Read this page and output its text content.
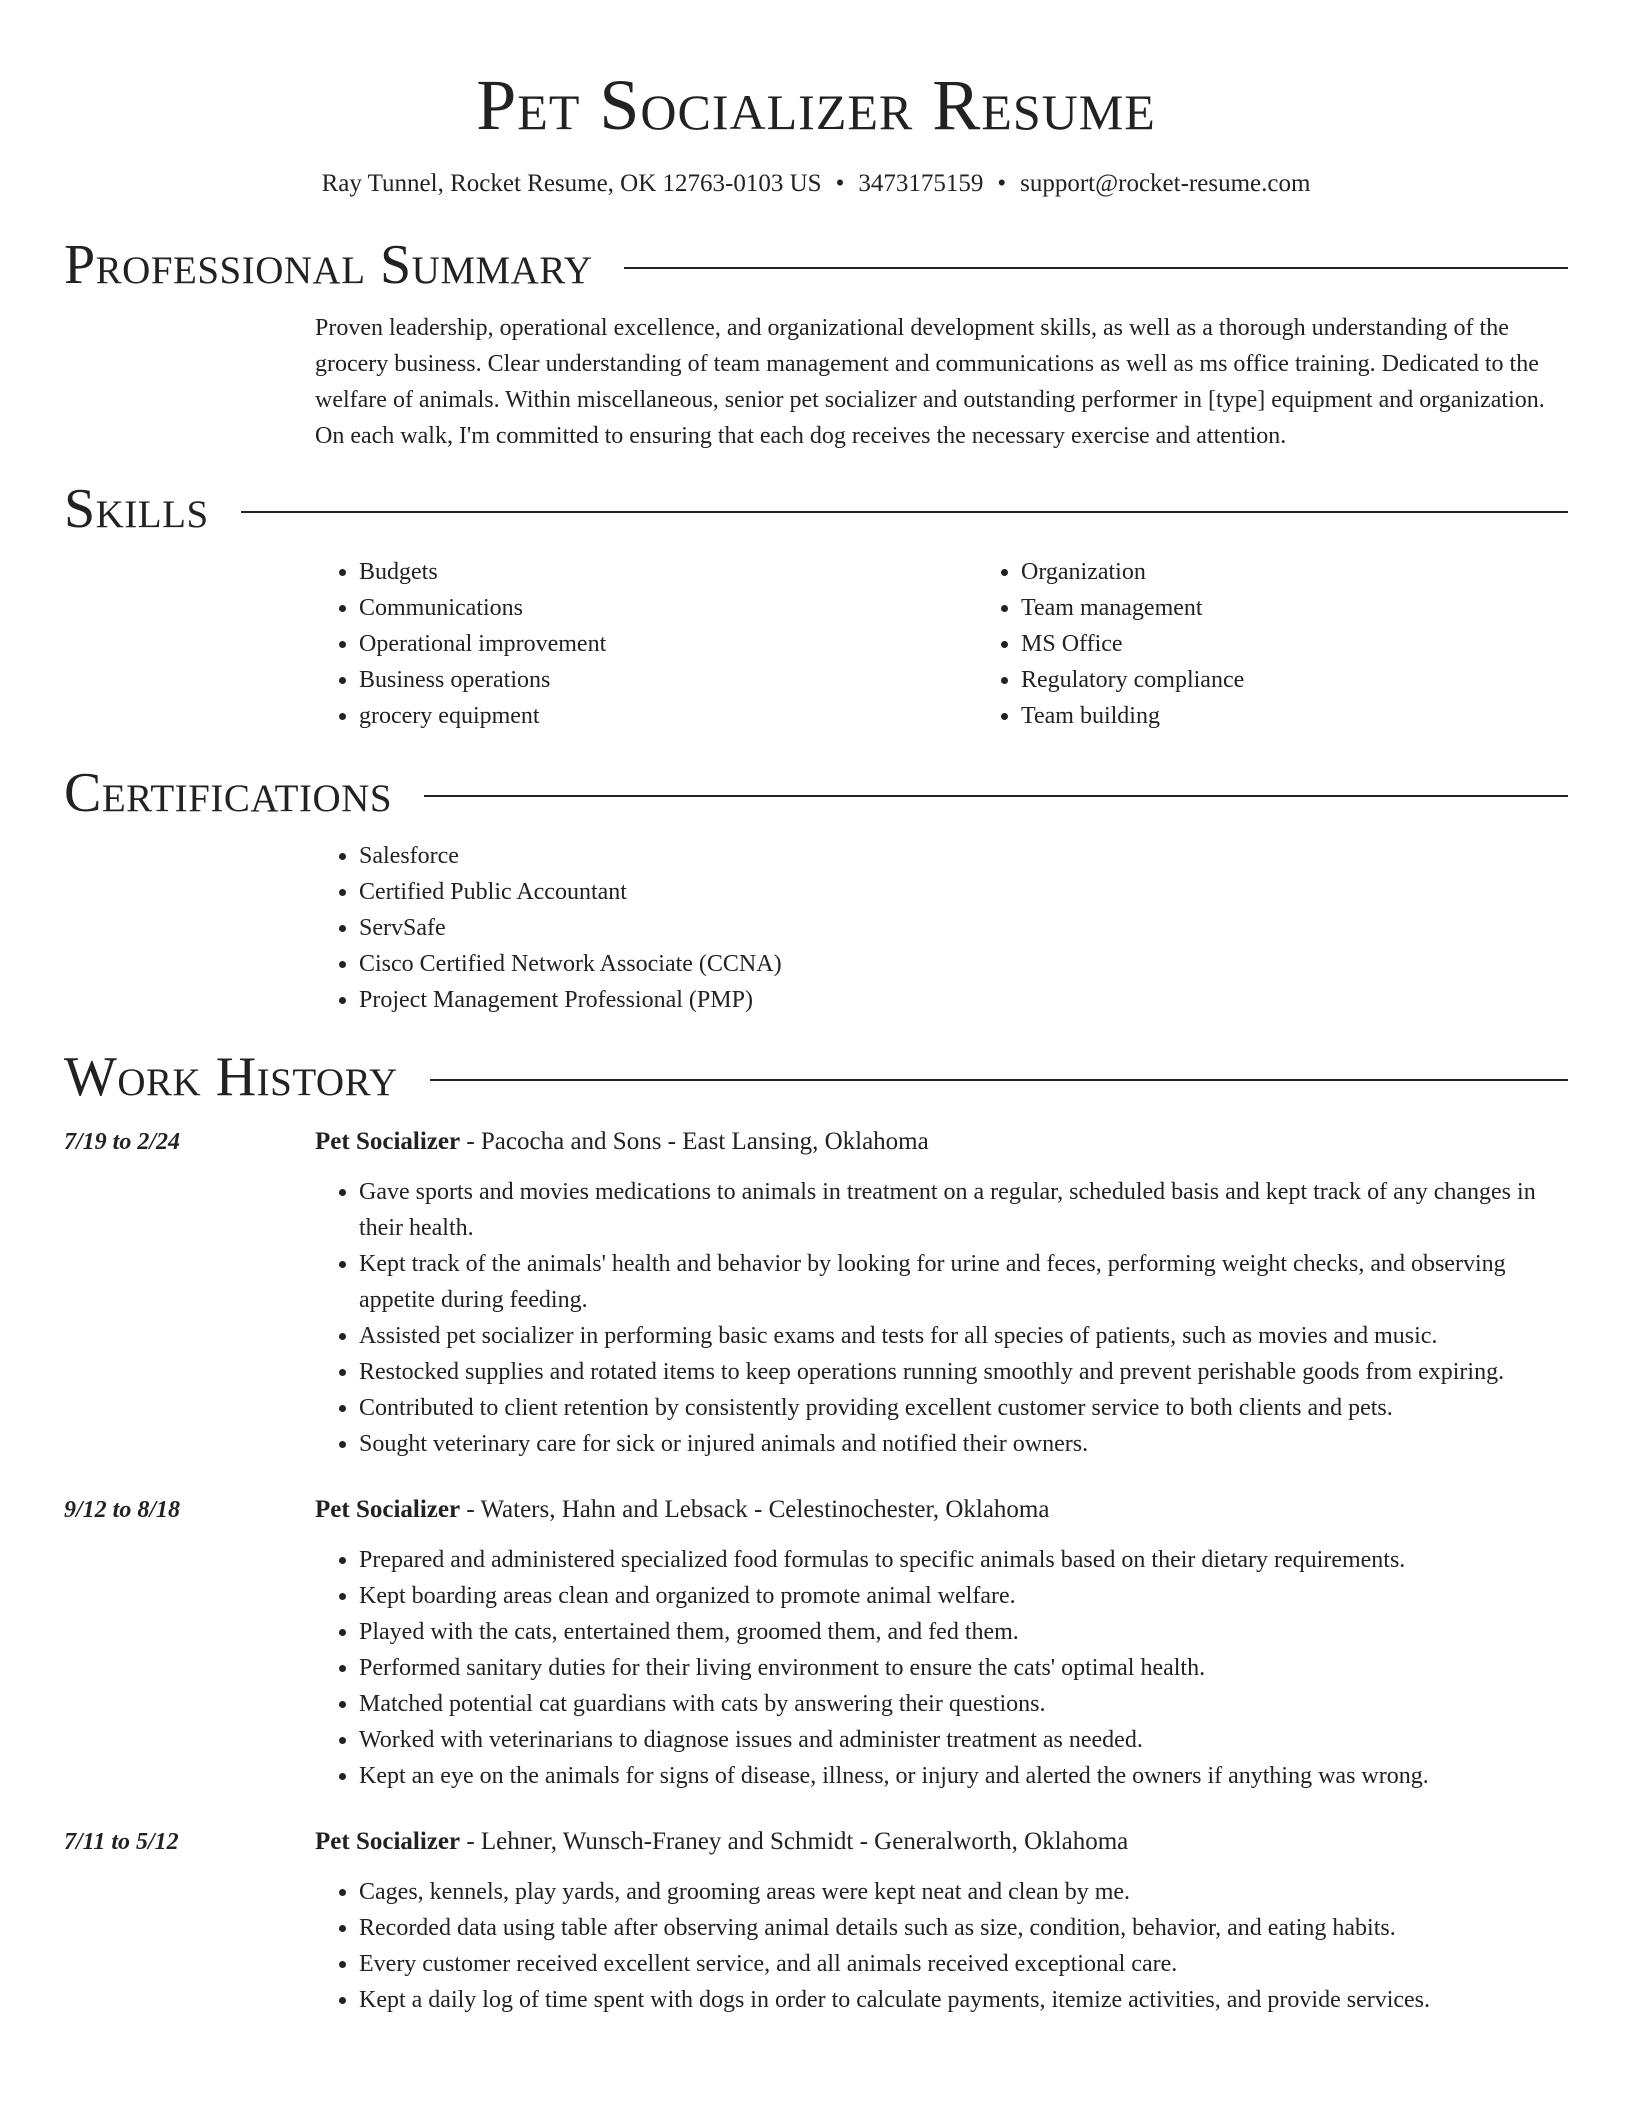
Pet Socializer Resume
Ray Tunnel, Rocket Resume, OK 12763-0103 US • 3473175159 • support@rocket-resume.com
Professional Summary

Proven leadership, operational excellence, and organizational development skills, as well as a thorough understanding of the grocery business. Clear understanding of team management and communications as well as ms office training. Dedicated to the welfare of animals. Within miscellaneous, senior pet socializer and outstanding performer in [type] equipment and organization. On each walk, I'm committed to ensuring that each dog receives the necessary exercise and attention.

Skills
• Budgets
• Communications
• Operational improvement
• Business operations
• grocery equipment
• Organization
• Team management
• MS Office
• Regulatory compliance
• Team building
Certifications
• Salesforce
• Certified Public Accountant
• ServSafe
• Cisco Certified Network Associate (CCNA)
• Project Management Professional (PMP)
Work History
7/19 to 2/24	Pet Socializer - Pacocha and Sons - East Lansing, Oklahoma
• Gave sports and movies medications to animals in treatment on a regular, scheduled basis and kept track of any changes in their health.
• Kept track of the animals' health and behavior by looking for urine and feces, performing weight checks, and observing appetite during feeding.
• Assisted pet socializer in performing basic exams and tests for all species of patients, such as movies and music.
• Restocked supplies and rotated items to keep operations running smoothly and prevent perishable goods from expiring.
• Contributed to client retention by consistently providing excellent customer service to both clients and pets.
• Sought veterinary care for sick or injured animals and notified their owners.
9/12 to 8/18	Pet Socializer - Waters, Hahn and Lebsack - Celestinochester, Oklahoma
• Prepared and administered specialized food formulas to specific animals based on their dietary requirements.
• Kept boarding areas clean and organized to promote animal welfare.
• Played with the cats, entertained them, groomed them, and fed them.
• Performed sanitary duties for their living environment to ensure the cats' optimal health.
• Matched potential cat guardians with cats by answering their questions.
• Worked with veterinarians to diagnose issues and administer treatment as needed.
• Kept an eye on the animals for signs of disease, illness, or injury and alerted the owners if anything was wrong.
7/11 to 5/12	Pet Socializer - Lehner, Wunsch-Franey and Schmidt - Generalworth, Oklahoma
• Cages, kennels, play yards, and grooming areas were kept neat and clean by me.
• Recorded data using table after observing animal details such as size, condition, behavior, and eating habits.
• Every customer received excellent service, and all animals received exceptional care.
• Kept a daily log of time spent with dogs in order to calculate payments, itemize activities, and provide services.
